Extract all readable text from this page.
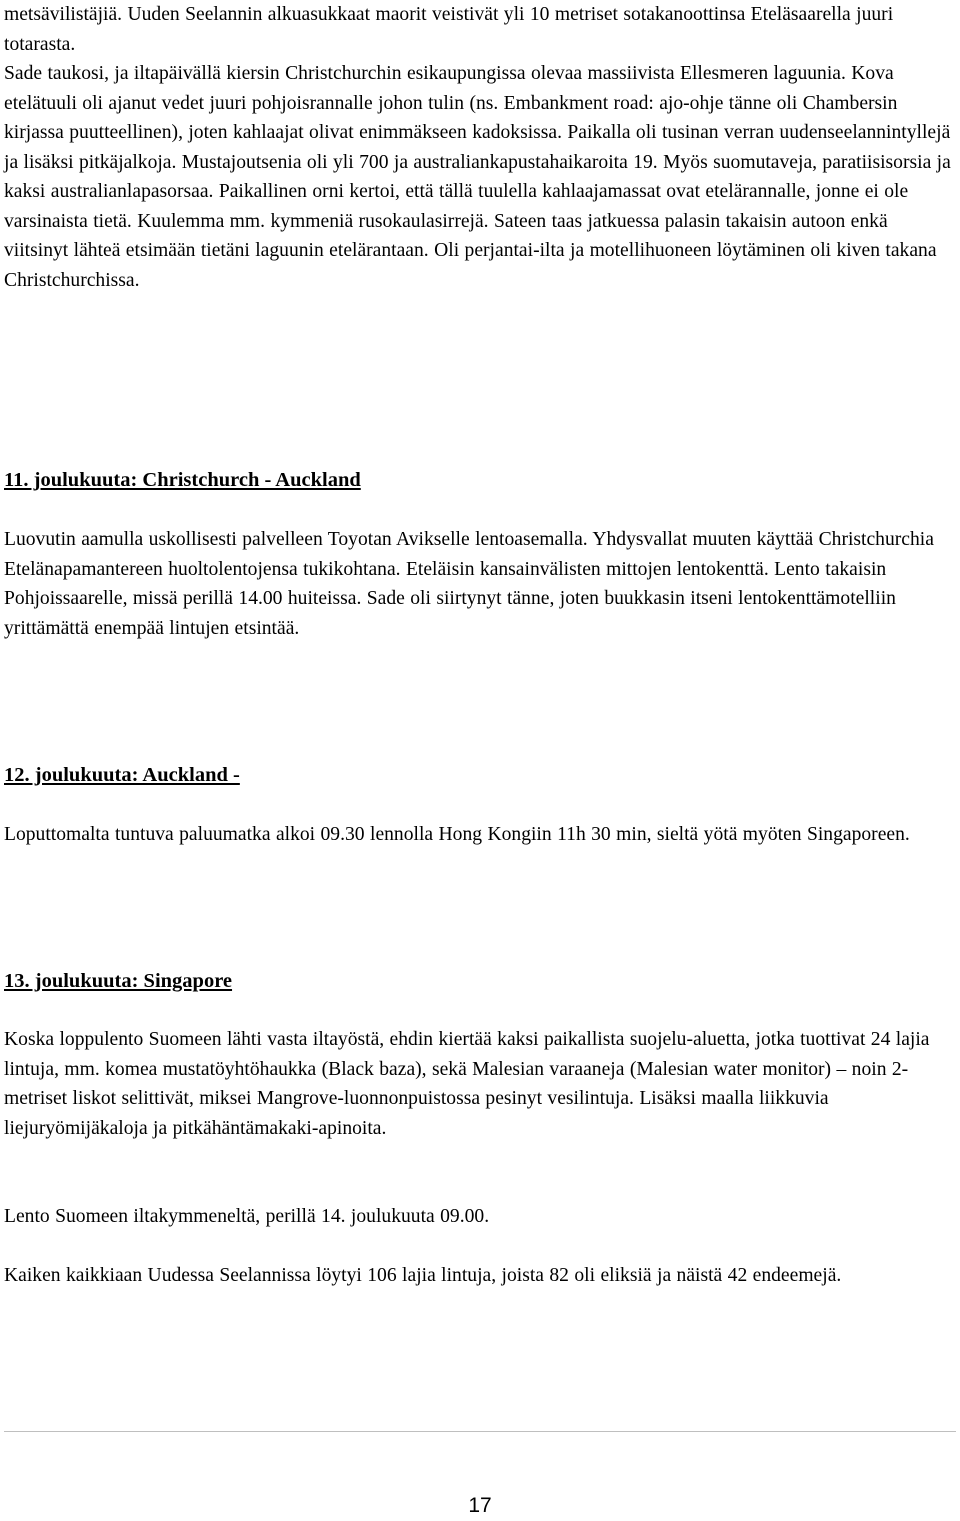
metsävilistäjiä. Uuden Seelannin alkuasukkaat maorit veistivät yli 10 metriset sotakanoottinsa Eteläsaarella juuri totarasta.

Sade taukosi, ja iltapäivällä kiersin Christchurchin esikaupungissa olevaa massiivista Ellesmeren laguunia. Kova etelätuuli oli ajanut vedet juuri pohjoisrannalle johon tulin (ns. Embankment road: ajo-ohje tänne oli Chambersin kirjassa puutteellinen), joten kahlaajat olivat enimmäkseen kadoksissa. Paikalla oli tusinan verran uudenseelannintyllejä ja lisäksi pitkäjalkoja. Mustajoutsenia oli yli 700 ja australiankapustahaikaroita 19. Myös suomutaveja, paratiisisorsia ja kaksi australianlapasorsaa. Paikallinen orni kertoi, että tällä tuulella kahlaajamassat ovat etelärannalle, jonne ei ole varsinaista tietä. Kuulemma mm. kymmeniä rusokaulasirrejä. Sateen taas jatkuessa palasin takaisin autoon enkä viitsinyt lähteä etsimään tietäni laguunin etelärantaan. Oli perjantai-ilta ja motellihuoneen löytäminen oli kiven takana Christchurchissa.

11. joulukuuta: Christchurch - Auckland

Luovutin aamulla uskollisesti palvelleen Toyotan Avikselle lentoasemalla. Yhdysvallat muuten käyttää Christchurchia Etelänapamantereen huoltolentojensa tukikohtana. Eteläisin kansainvälisten mittojen lentokenttä. Lento takaisin Pohjoissaarelle, missä perillä 14.00 huiteissa. Sade oli siirtynyt tänne, joten buukkasin itseni lentokenttämotelliin yrittämättä enempää lintujen etsintää.

12. joulukuuta: Auckland -

Loputtomalta tuntuva paluumatka alkoi 09.30 lennolla Hong Kongiin 11h 30 min, sieltä yötä myöten Singaporeen.

13. joulukuuta: Singapore

Koska loppulento Suomeen lähti vasta iltayöstä, ehdin kiertää kaksi paikallista suojelu-aluetta, jotka tuottivat 24 lajia lintuja, mm. komea mustatöyhtöhaukka (Black baza), sekä Malesian varaaneja (Malesian water monitor) – noin 2-metriset liskot selittivät, miksei Mangrove-luonnonpuistossa pesinyt vesilintuja. Lisäksi maalla liikkuvia liejuryömijäkaloja ja pitkähäntämakaki-apinoita.

Lento Suomeen iltakymmeneltä, perillä 14. joulukuuta 09.00.

Kaiken kaikkiaan Uudessa Seelannissa löytyi 106 lajia lintuja, joista 82 oli eliksiä ja näistä 42 endeemejä.

17
